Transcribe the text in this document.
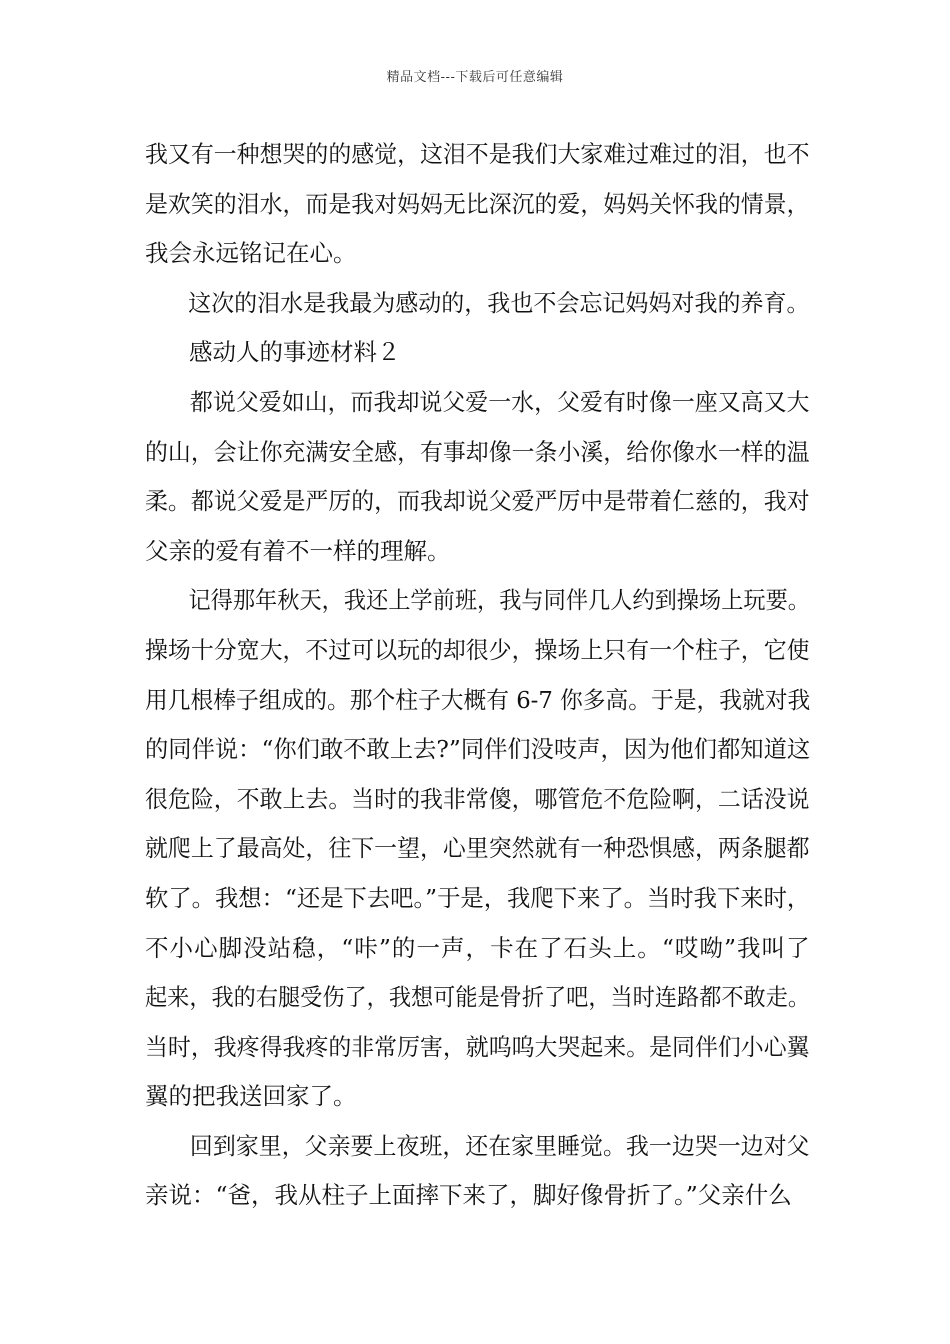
精品文档---下载后可任意编辑

我又有一种想哭的的感觉，这泪不是我们大家难过难过的泪，也不
是欢笑的泪水，而是我对妈妈无比深沉的爱，妈妈关怀我的情景，
我会永远铭记在心。

这次的泪水是我最为感动的，我也不会忘记妈妈对我的养育。

感动人的事迹材料２

都说父爱如山，而我却说父爱一水，父爱有时像一座又高又大
的山，会让你充满安全感，有事却像一条小溪，给你像水一样的温
柔。都说父爱是严厉的，而我却说父爱严厉中是带着仁慈的，我对
父亲的爱有着不一样的理解。

记得那年秋天，我还上学前班，我与同伴几人约到操场上玩要。
操场十分宽大，不过可以玩的却很少，操场上只有一个柱子，它使
用几根棒子组成的。那个柱子大概有 6-7 你多高。于是，我就对我
的同伴说：“你们敢不敢上去?”同伴们没吱声，因为他们都知道这
很危险，不敢上去。当时的我非常傻，哪管危不危险啊，二话没说
就爬上了最高处，往下一望，心里突然就有一种恐惧感，两条腿都
软了。我想：“还是下去吧。”于是，我爬下来了。当时我下来时，
不小心脚没站稳，“咔”的一声，卡在了石头上。“哎呦”我叫了
起来，我的右腿受伤了，我想可能是骨折了吧，当时连路都不敢走。
当时，我疼得我疼的非常厉害，就呜呜大哭起来。是同伴们小心翼
翼的把我送回家了。

回到家里，父亲要上夜班，还在家里睡觉。我一边哭一边对父
亲说：“爸，我从柱子上面摔下来了，脚好像骨折了。”父亲什么
